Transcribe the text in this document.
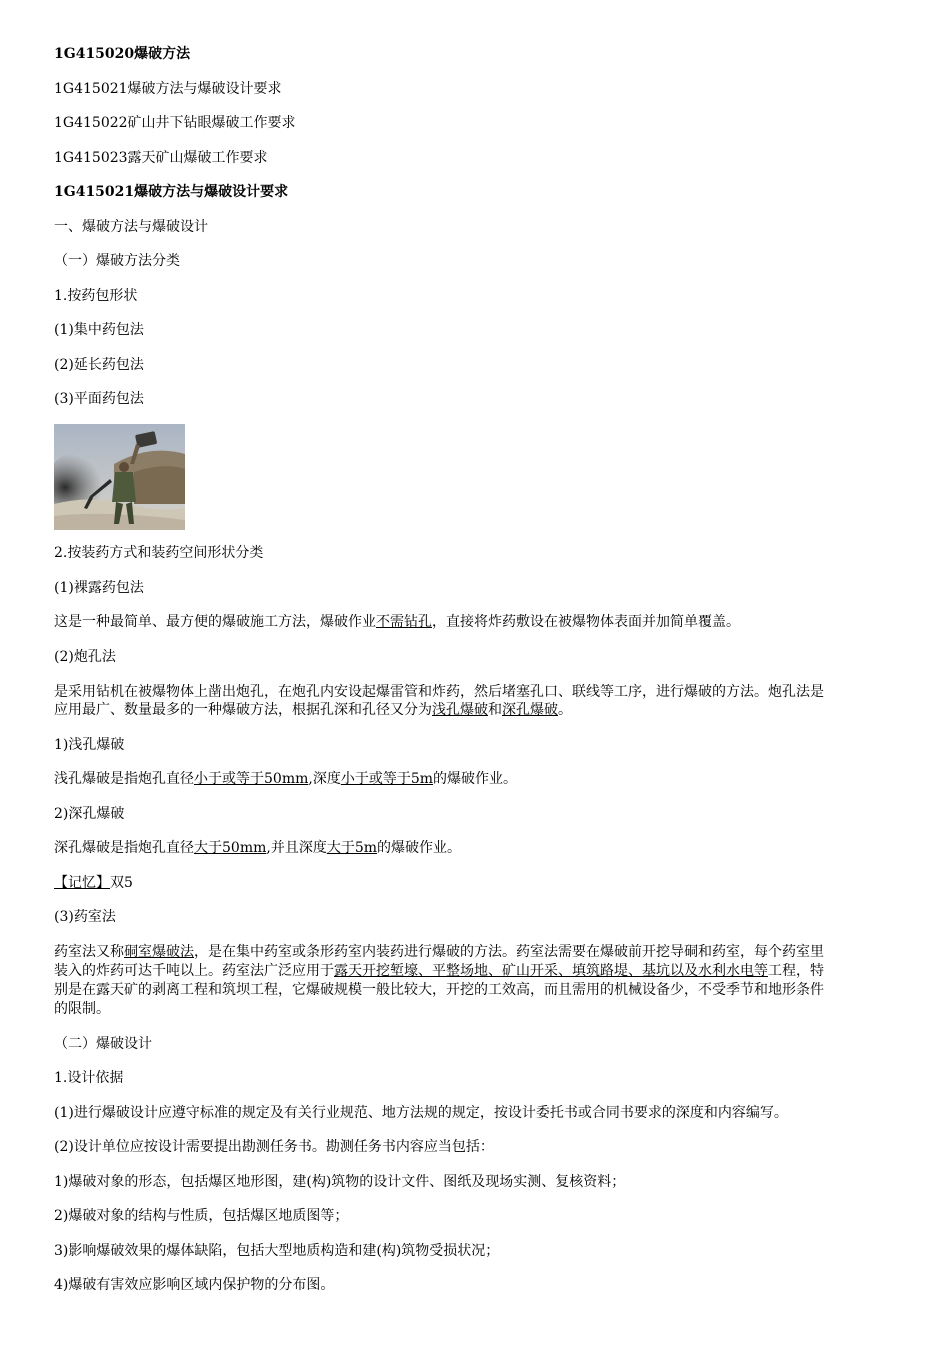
1G415020爆破方法
1G415021爆破方法与爆破设计要求
1G415022矿山井下钻眼爆破工作要求
1G415023露天矿山爆破工作要求
1G415021爆破方法与爆破设计要求
一、爆破方法与爆破设计
（一）爆破方法分类
1.按药包形状
(1)集中药包法
(2)延长药包法
(3)平面药包法
2.按装药方式和装药空间形状分类
(1)裸露药包法
这是一种最简单、最方便的爆破施工方法，爆破作业不需钻孔，直接将炸药敷设在被爆物体表面并加简单覆盖。
(2)炮孔法
是采用钻机在被爆物体上凿出炮孔，在炮孔内安设起爆雷管和炸药，然后堵塞孔口、联线等工序，进行爆破的方法。炮孔法是
应用最广、数量最多的一种爆破方法，根据孔深和孔径又分为浅孔爆破和深孔爆破。
1)浅孔爆破
浅孔爆破是指炮孔直径小于或等于50mm,深度小于或等于5m的爆破作业。
2)深孔爆破
深孔爆破是指炮孔直径大于50mm,并且深度大于5m的爆破作业。
【记忆】双5
(3)药室法
药室法又称硐室爆破法，是在集中药室或条形药室内装药进行爆破的方法。药室法需要在爆破前开挖导硐和药室，每个药室里
装入的炸药可达千吨以上。药室法广泛应用于露天开挖堑壕、平整场地、矿山开采、填筑路堤、基坑以及水利水电等工程，特
别是在露天矿的剥离工程和筑坝工程，它爆破规模一般比较大，开挖的工效高，而且需用的机械设备少，不受季节和地形条件
的限制。
（二）爆破设计
1.设计依据
(1)进行爆破设计应遵守标准的规定及有关行业规范、地方法规的规定，按设计委托书或合同书要求的深度和内容编写。
(2)设计单位应按设计需要提出勘测任务书。勘测任务书内容应当包括：
1)爆破对象的形态，包括爆区地形图，建(构)筑物的设计文件、图纸及现场实测、复核资料；
2)爆破对象的结构与性质，包括爆区地质图等；
3)影响爆破效果的爆体缺陷，包括大型地质构造和建(构)筑物受损状况；
4)爆破有害效应影响区域内保护物的分布图。
